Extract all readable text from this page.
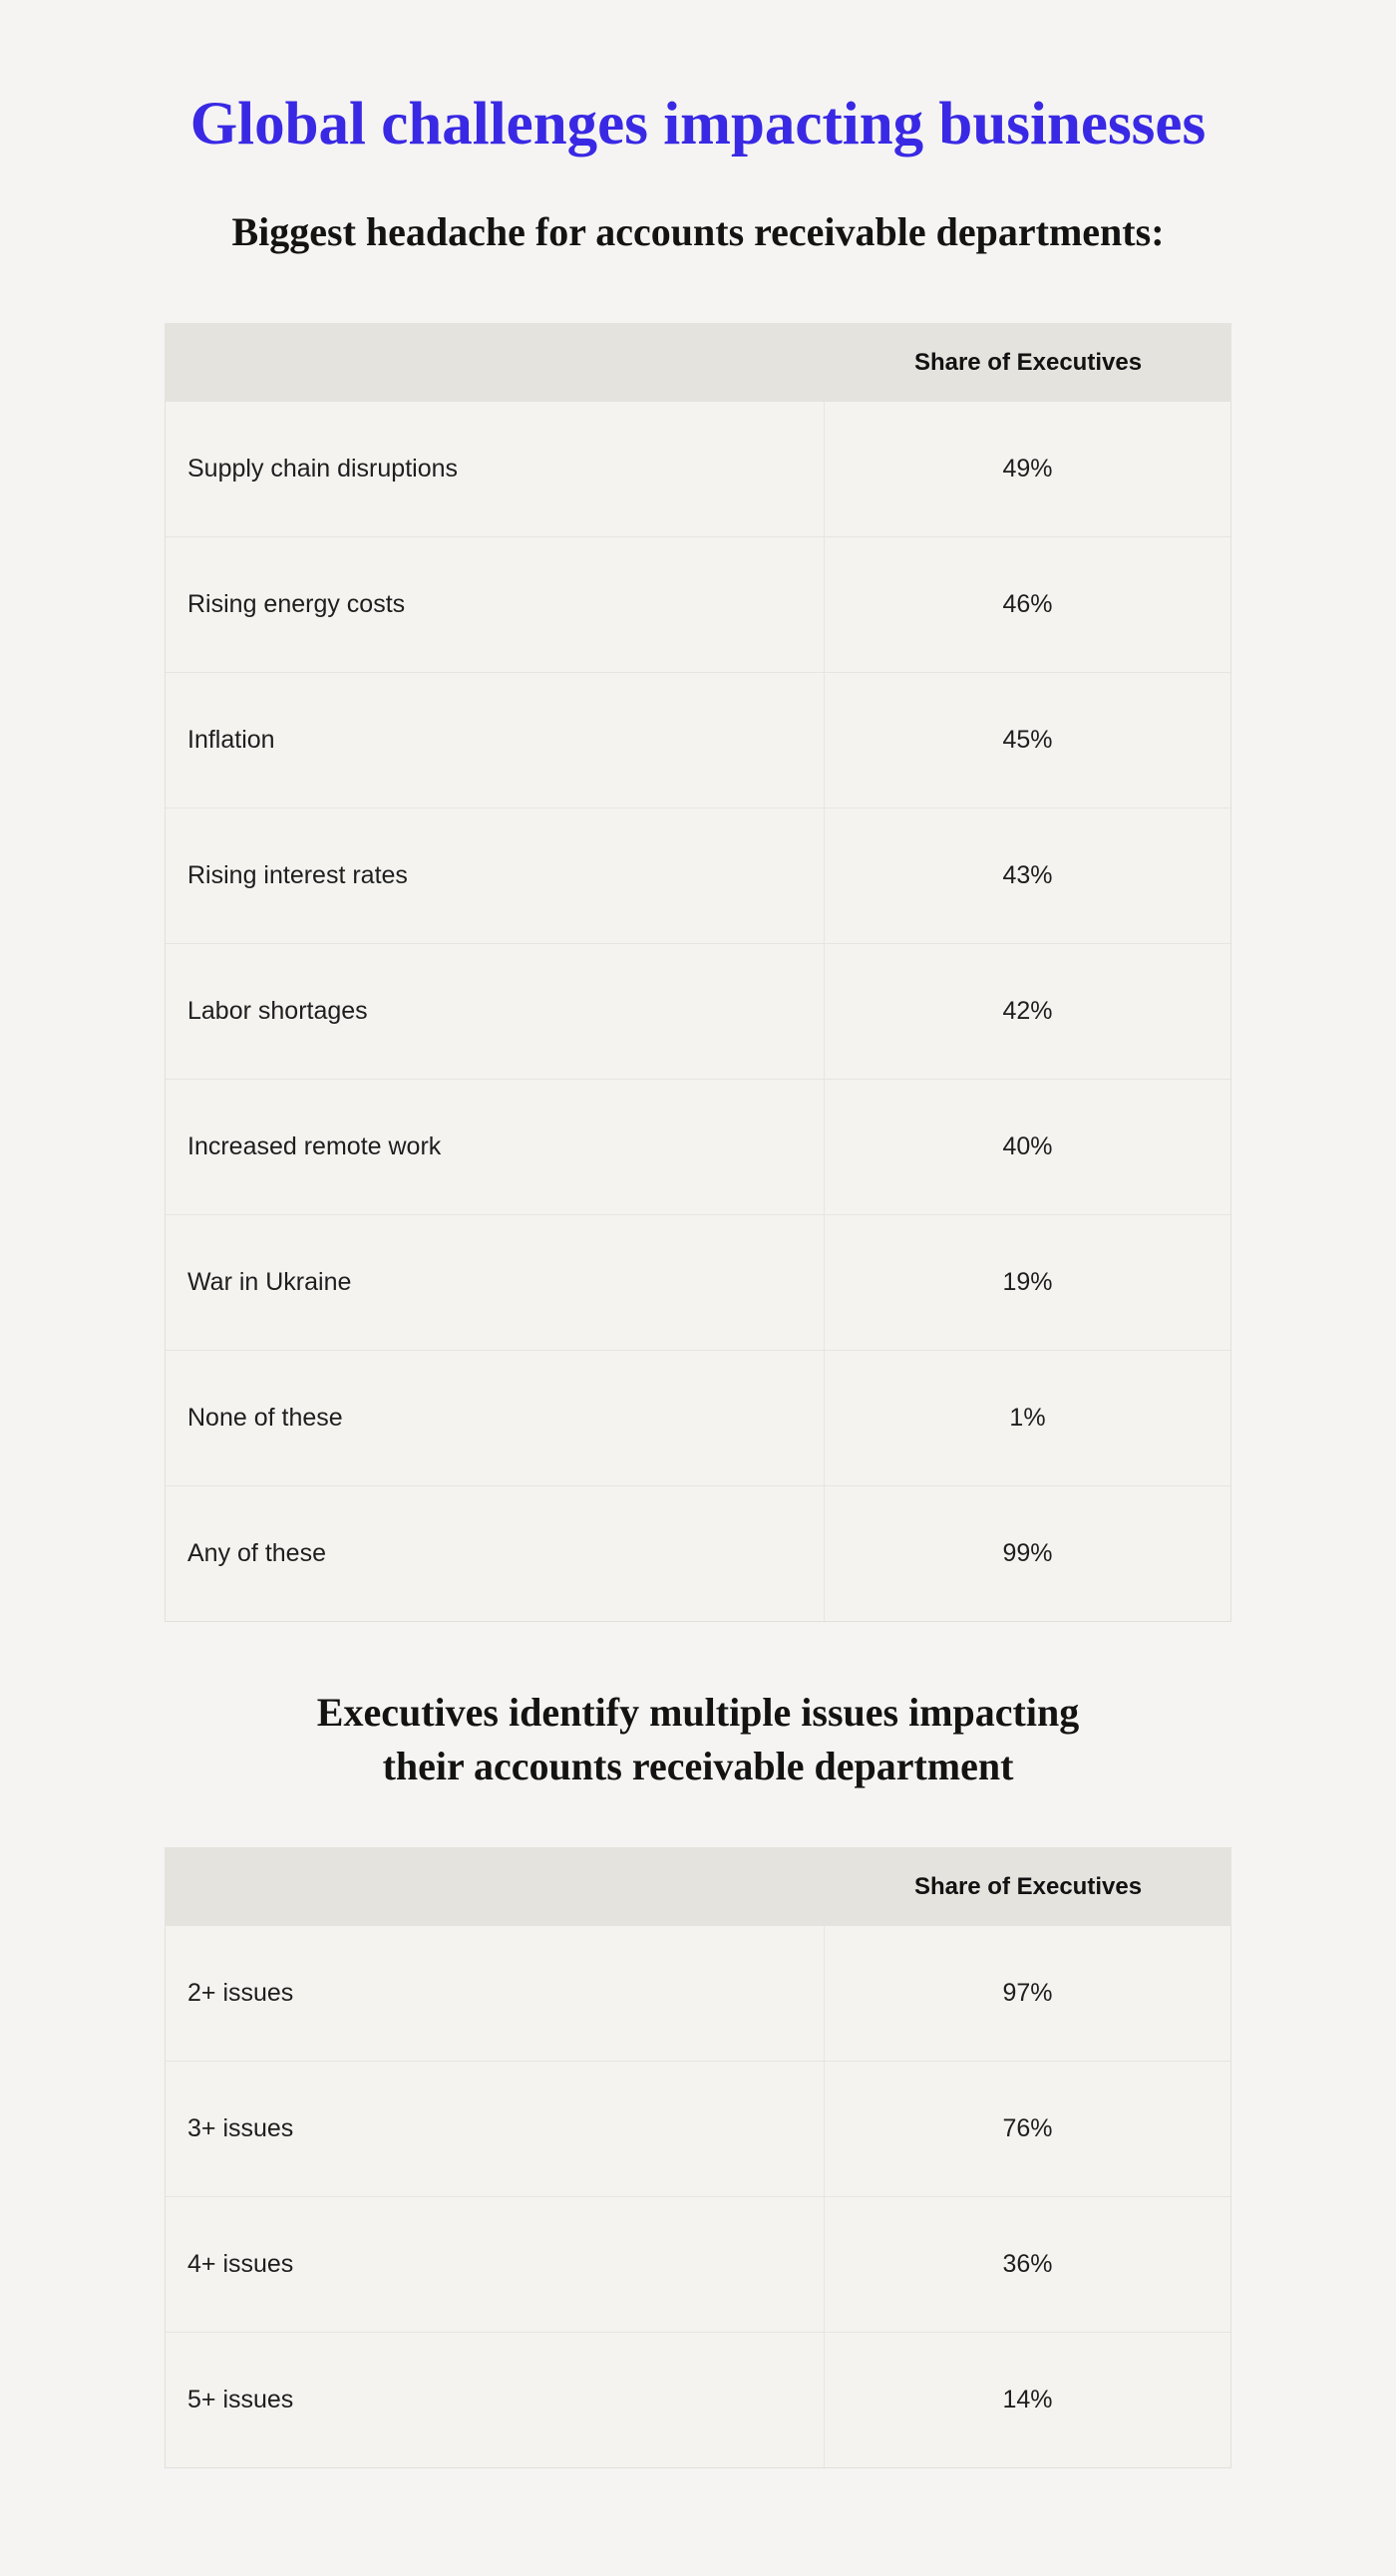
Global challenges impacting businesses
Biggest headache for accounts receivable departments:
Share of Executives
Supply chain disruptions	49%
Rising energy costs	46%
Inflation	45%
Rising interest rates	43%
Labor shortages	42%
Increased remote work	40%
War in Ukraine	19%
None of these	1%
Any of these	99%
Executives identify multiple issues impacting
their accounts receivable department
Share of Executives
2+ issues	97%
3+ issues	76%
4+ issues	36%
5+ issues	14%
